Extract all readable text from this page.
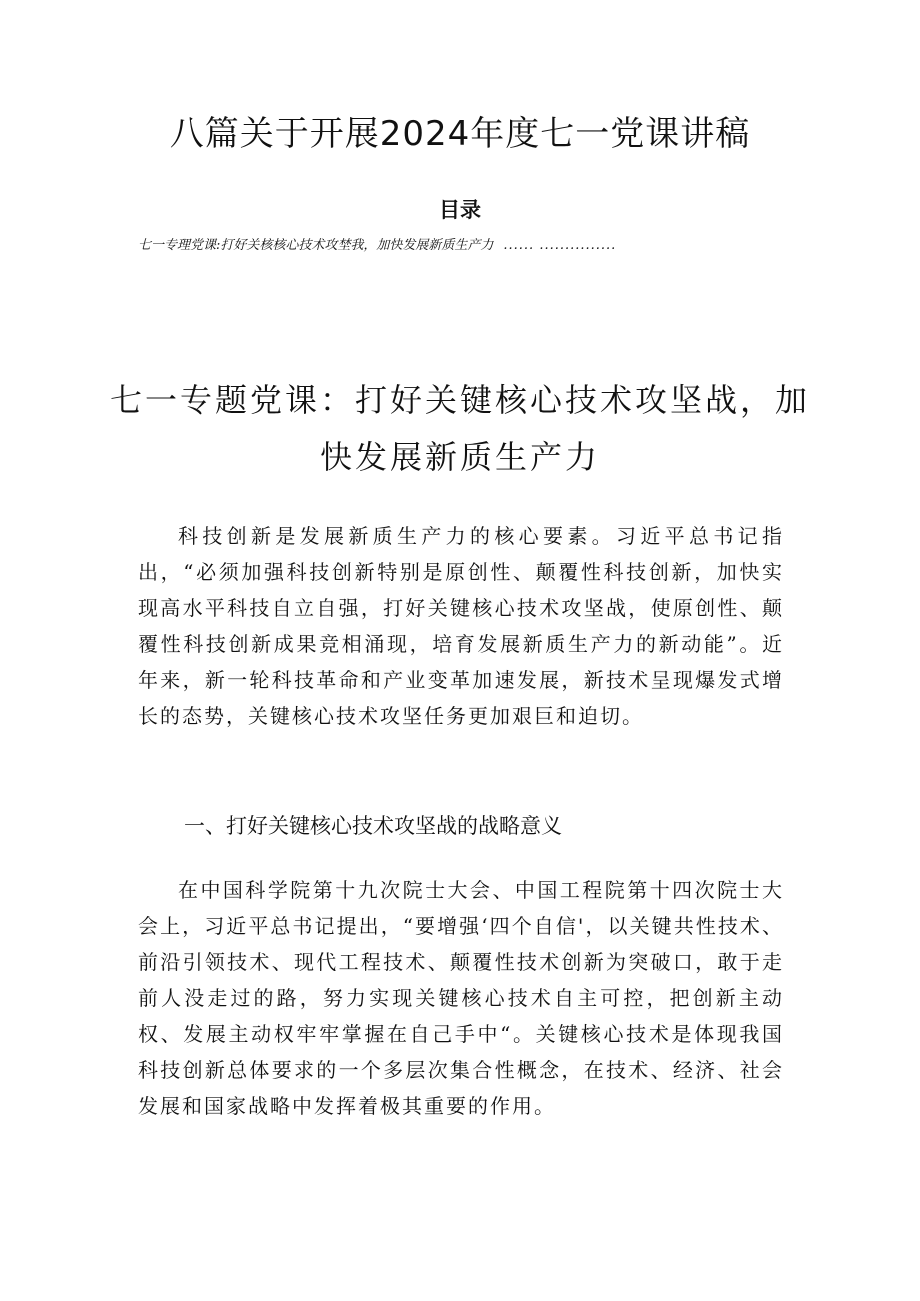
八篇关于开展2024年度七一党课讲稿
目录
七一专理党课:打好关核核心技术攻埜我，加快发展新质生产力 ...... ...............
七一专题党课：打好关键核心技术攻坚战，加快发展新质生产力

科技创新是发展新质生产力的核心要素。习近平总书记指出，“必须加强科技创新特别是原创性、颠覆性科技创新，加快实现高水平科技自立自强，打好关键核心技术攻坚战，使原创性、颠覆性科技创新成果竞相涌现，培育发展新质生产力的新动能”。近年来，新一轮科技革命和产业变革加速发展，新技术呈现爆发式增长的态势，关键核心技术攻坚任务更加艰巨和迫切。

一、打好关键核心技术攻坚战的战略意义

在中国科学院第十九次院士大会、中国工程院第十四次院士大会上，习近平总书记提出，“要增强‘四个自信'，以关键共性技术、前沿引领技术、现代工程技术、颠覆性技术创新为突破口，敢于走前人没走过的路，努力实现关键核心技术自主可控，把创新主动权、发展主动权牢牢掌握在自己手中“。关键核心技术是体现我国科技创新总体要求的一个多层次集合性概念，在技术、经济、社会发展和国家战略中发挥着极其重要的作用。
